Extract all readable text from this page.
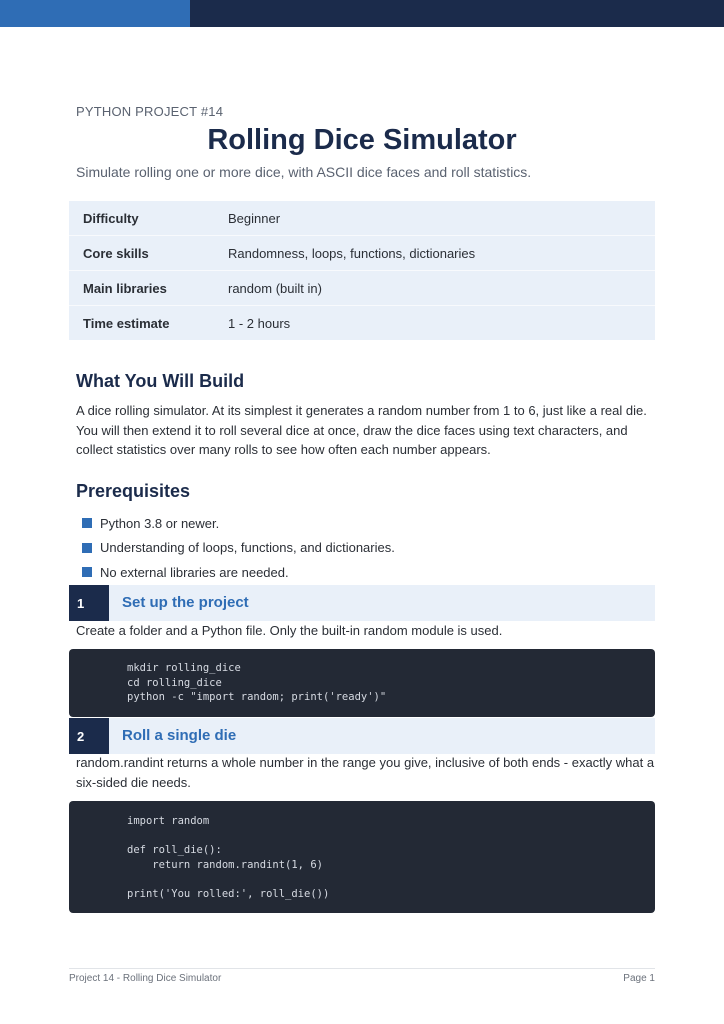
PYTHON PROJECT #14
Rolling Dice Simulator
Simulate rolling one or more dice, with ASCII dice faces and roll statistics.
Difficulty	Beginner
Core skills	Randomness, loops, functions, dictionaries
Main libraries	random (built in)
Time estimate	1 - 2 hours
What You Will Build
A dice rolling simulator. At its simplest it generates a random number from 1 to 6, just like a real die. You will then extend it to roll several dice at once, draw the dice faces using text characters, and collect statistics over many rolls to see how often each number appears.
Prerequisites
Python 3.8 or newer.
Understanding of loops, functions, and dictionaries.
No external libraries are needed.
1	Set up the project
Create a folder and a Python file. Only the built-in random module is used.
mkdir rolling_dice
cd rolling_dice
python -c "import random; print('ready')"
2	Roll a single die
random.randint returns a whole number in the range you give, inclusive of both ends - exactly what a six-sided die needs.
import random

def roll_die():
return random.randint(1, 6)

print('You rolled:', roll_die())
Project 14 - Rolling Dice Simulator	Page 1
